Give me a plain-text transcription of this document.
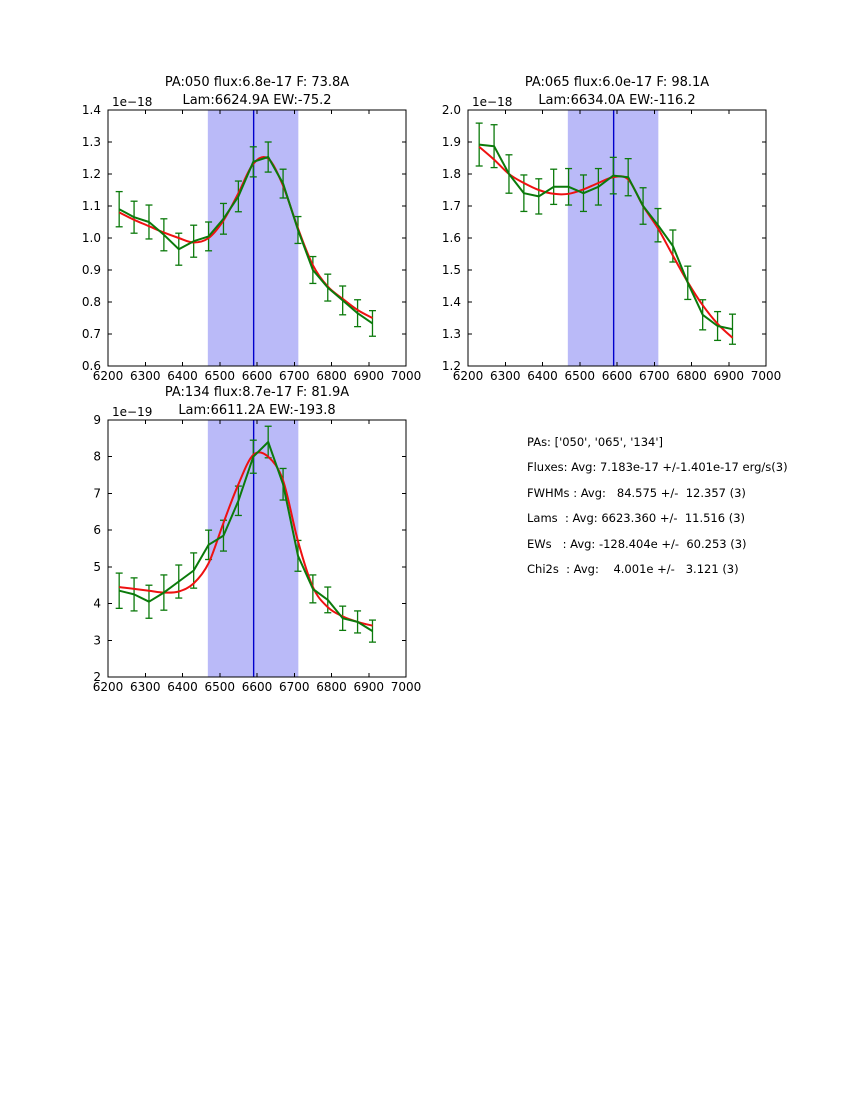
6200 6300 6400 6500 6600 6700 6800 6900 7000
0.6
0.7
0.8
0.9
1.0
1.1
1.2
1.3
1.4
1e−18
PA:050 flux:6.8e-17 F: 73.8A
Lam:6624.9A EW:-75.2
6200 6300 6400 6500 6600 6700 6800 6900 7000
1.2
1.3
1.4
1.5
1.6
1.7
1.8
1.9
2.0
1e−18
PA:065 flux:6.0e-17 F: 98.1A
Lam:6634.0A EW:-116.2
6200 6300 6400 6500 6600 6700 6800 6900 7000
2
3
4
5
6
7
8
9
1e−19
PA:134 flux:8.7e-17 F: 81.9A
Lam:6611.2A EW:-193.8
PAs: ['050', '065', '134']
Fluxes: Avg: 7.183e-17 +/-1.401e-17 erg/s(3)
FWHMs : Avg:   84.575 +/-  12.357 (3)
Lams  : Avg: 6623.360 +/-  11.516 (3)
EWs   : Avg: -128.404e +/-  60.253 (3)
Chi2s  : Avg:    4.001e +/-   3.121 (3)
